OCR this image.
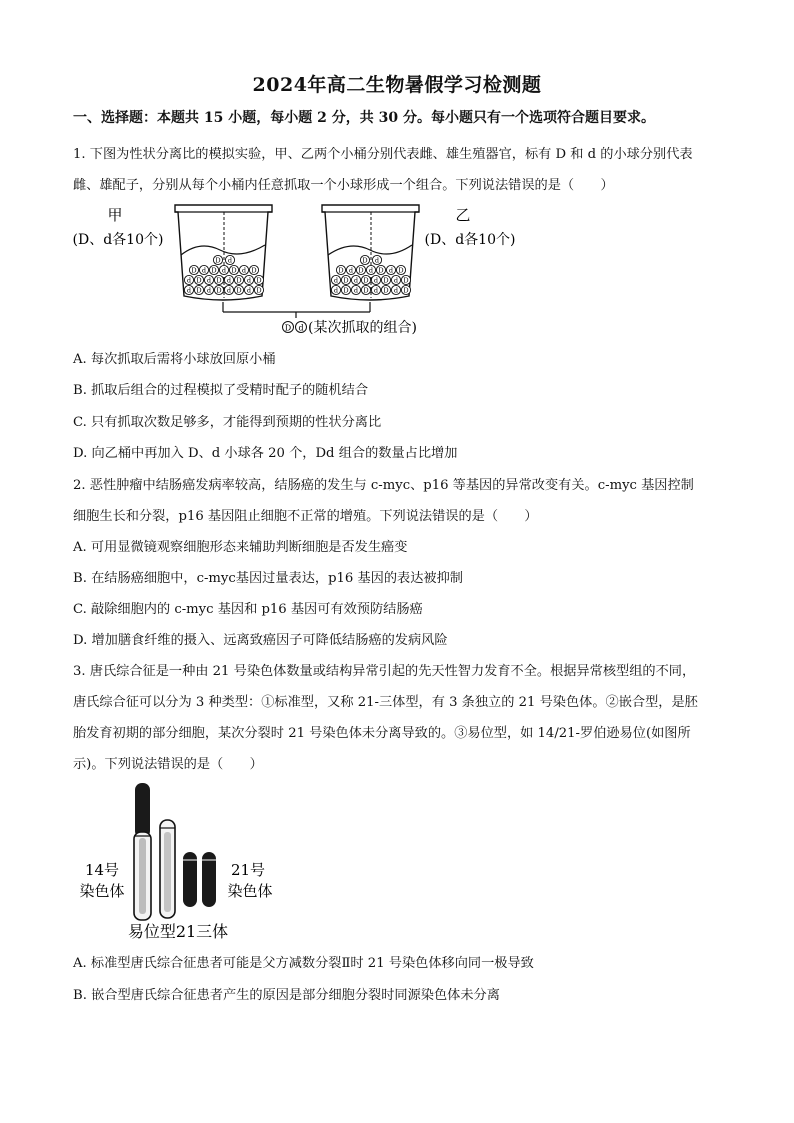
2024年高二生物暑假学习检测题
一、选择题：本题共 15 小题，每小题 2 分，共 30 分。每小题只有一个选项符合题目要求。
1. 下图为性状分离比的模拟实验，甲、乙两个小桶分别代表雌、雄生殖器官，标有 D 和 d 的小球分别代表
雌、雄配子，分别从每个小桶内任意抓取一个小球形成一个组合。下列说法错误的是（　　）
甲
(D、d各10个)
乙
(D、d各10个)
D d
D d D d D d D
d D d D d D d D
d D d D d D d D
D d
D d D d D d D
d D d D d D d D
d D d D d D d D
D d (某次抓取的组合)
A. 每次抓取后需将小球放回原小桶
B. 抓取后组合的过程模拟了受精时配子的随机结合
C. 只有抓取次数足够多，才能得到预期的性状分离比
D. 向乙桶中再加入 D、d 小球各 20 个，Dd 组合的数量占比增加
2. 恶性肿瘤中结肠癌发病率较高，结肠癌的发生与 c-myc、p16 等基因的异常改变有关。c-myc 基因控制
细胞生长和分裂，p16 基因阻止细胞不正常的增殖。下列说法错误的是（　　）
A. 可用显微镜观察细胞形态来辅助判断细胞是否发生癌变
B. 在结肠癌细胞中，c-myc基因过量表达，p16 基因的表达被抑制
C. 敲除细胞内的 c-myc 基因和 p16 基因可有效预防结肠癌
D. 增加膳食纤维的摄入、远离致癌因子可降低结肠癌的发病风险
3. 唐氏综合征是一种由 21 号染色体数量或结构异常引起的先天性智力发育不全。根据异常核型组的不同，
唐氏综合征可以分为 3 种类型：①标准型，又称 21-三体型，有 3 条独立的 21 号染色体。②嵌合型，是胚
胎发育初期的部分细胞，某次分裂时 21 号染色体未分离导致的。③易位型，如 14/21-罗伯逊易位(如图所
示)。下列说法错误的是（　　）
14号
染色体
21号
染色体
易位型21三体
A. 标准型唐氏综合征患者可能是父方减数分裂Ⅱ时 21 号染色体移向同一极导致
B. 嵌合型唐氏综合征患者产生的原因是部分细胞分裂时同源染色体未分离
